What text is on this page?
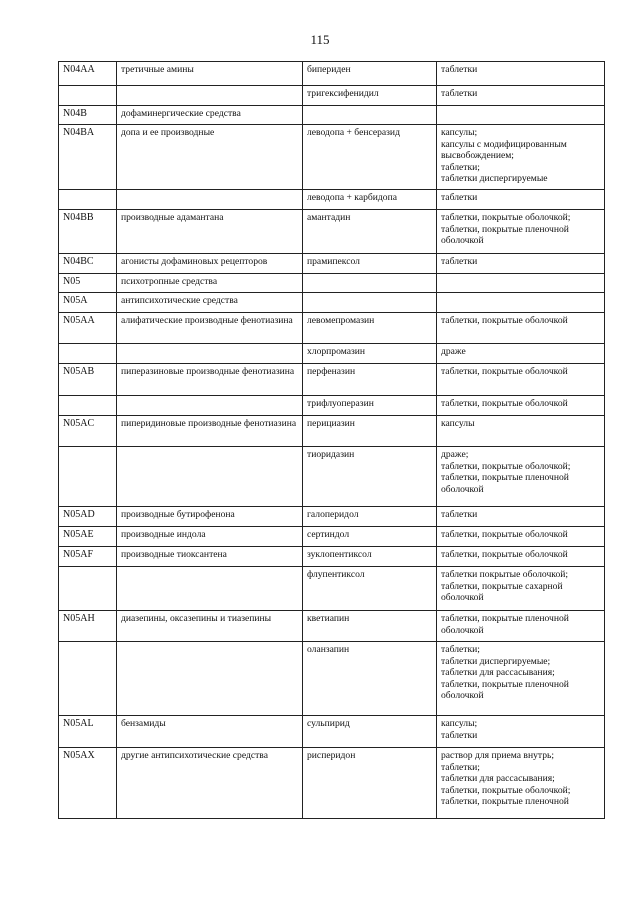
115
N04AA	третичные амины	бипериден	таблетки

		тригексифенидил	таблетки

N04B	дофаминергические средства		
N04BA	допа и ее производные	леводопа + бенсеразид	капсулы;
капсулы с модифицированным высвобождением;
таблетки;
таблетки диспергируемые

		леводопа + карбидопа	таблетки

N04BB	производные адамантана	амантадин	таблетки, покрытые оболочкой;
таблетки, покрытые пленочной оболочкой

N04BC	агонисты дофаминовых рецепторов	прамипексол	таблетки

N05	психотропные средства		
N05A	антипсихотические средства		
N05AA	алифатические производные фенотиазина	левомепромазин	таблетки, покрытые оболочкой

		хлорпромазин	драже

N05AB	пиперазиновые производные фенотиазина	перфеназин	таблетки, покрытые оболочкой

		трифлуоперазин	таблетки, покрытые оболочкой

N05AC	пиперидиновые производные фенотиазина	перициазин	капсулы

		тиоридазин	драже;
таблетки, покрытые оболочкой;
таблетки, покрытые пленочной оболочкой

N05AD	производные бутирофенона	галоперидол	таблетки

N05AE	производные индола	сертиндол	таблетки, покрытые оболочкой

N05AF	производные тиоксантена	зуклопентиксол	таблетки, покрытые оболочкой

		флупентиксол	таблетки покрытые оболочкой;
таблетки, покрытые сахарной оболочкой

N05AH	диазепины, оксазепины и тиазепины	кветиапин	таблетки, покрытые пленочной оболочкой

		оланзапин	таблетки;
таблетки диспергируемые;
таблетки для рассасывания;
таблетки, покрытые пленочной оболочкой

N05AL	бензамиды	сульпирид	капсулы;
таблетки

N05AX	другие антипсихотические средства	рисперидон	раствор для приема внутрь;
таблетки;
таблетки для рассасывания;
таблетки, покрытые оболочкой;
таблетки, покрытые пленочной
